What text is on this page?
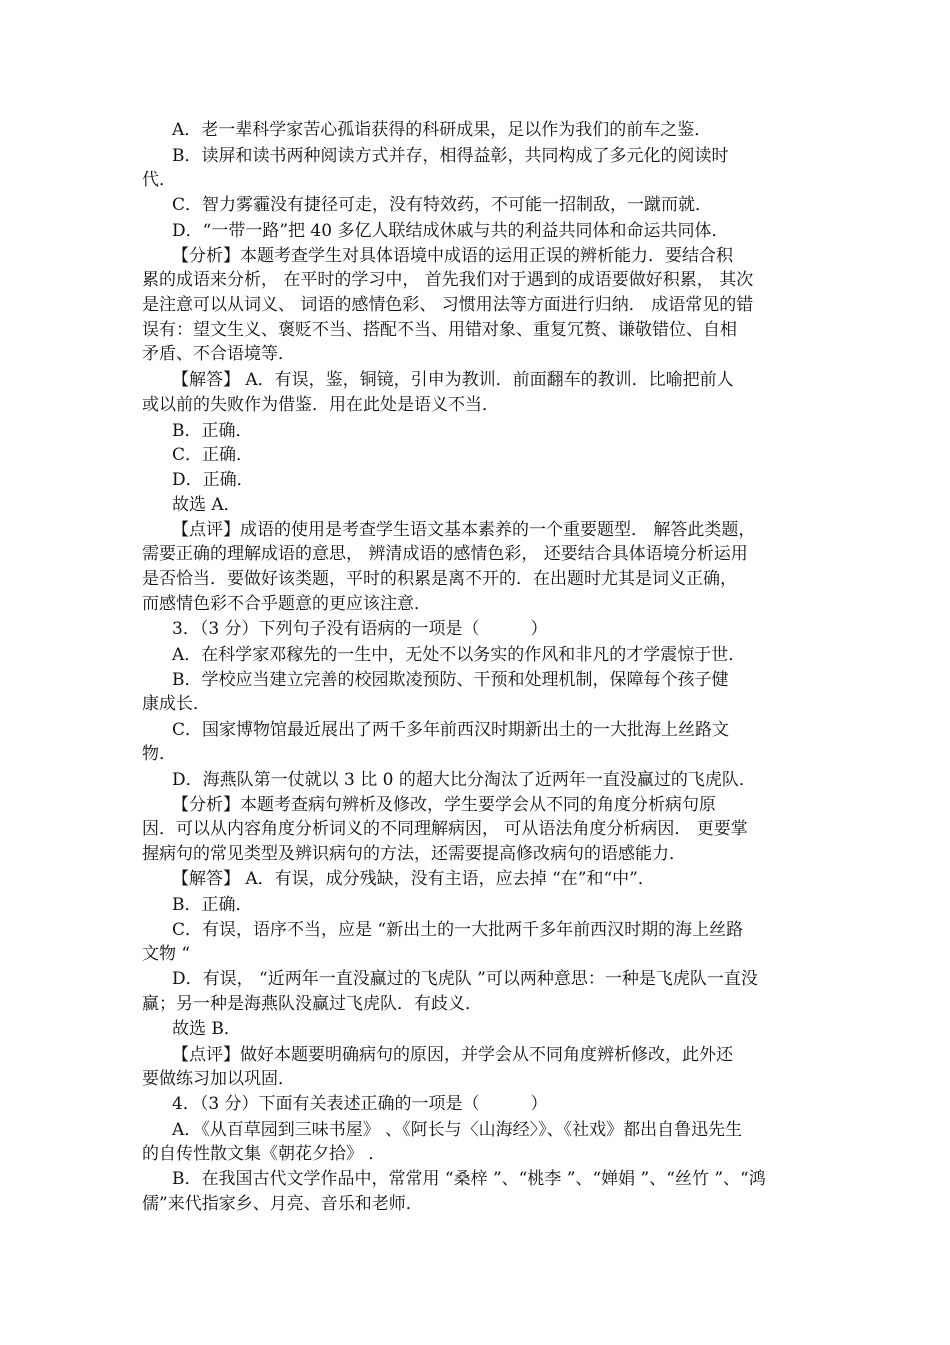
A．老一辈科学家苦心孤诣获得的科研成果，足以作为我们的前车之鉴．
B．读屏和读书两种阅读方式并存，相得益彰，共同构成了多元化的阅读时
代．
C．智力雾霾没有捷径可走，没有特效药，不可能一招制敌，一蹴而就．
D．“一带一路”把 40 多亿人联结成休戚与共的利益共同体和命运共同体．
【分析】本题考查学生对具体语境中成语的运用正误的辨析能力．要结合积
累的成语来分析， 在平时的学习中， 首先我们对于遇到的成语要做好积累， 其次
是注意可以从词义、 词语的感情色彩、 习惯用法等方面进行归纳． 成语常见的错
误有：望文生义、褒贬不当、搭配不当、用错对象、重复冗赘、谦敬错位、自相
矛盾、不合语境等．
【解答】 A．有误，鉴，铜镜，引申为教训．前面翻车的教训．比喻把前人
或以前的失败作为借鉴．用在此处是语义不当．
B．正确．
C．正确．
D．正确．
故选 A．
【点评】成语的使用是考查学生语文基本素养的一个重要题型． 解答此类题，
需要正确的理解成语的意思， 辨清成语的感情色彩， 还要结合具体语境分析运用
是否恰当．要做好该类题，平时的积累是离不开的．在出题时尤其是词义正确，
而感情色彩不合乎题意的更应该注意．
3．（3 分）下列句子没有语病的一项是（　　　）
A．在科学家邓稼先的一生中，无处不以务实的作风和非凡的才学震惊于世．
B．学校应当建立完善的校园欺凌预防、干预和处理机制，保障每个孩子健
康成长．
C．国家博物馆最近展出了两千多年前西汉时期新出土的一大批海上丝路文
物．
D．海燕队第一仗就以 3 比 0 的超大比分淘汰了近两年一直没赢过的飞虎队．
【分析】本题考查病句辨析及修改，学生要学会从不同的角度分析病句原
因．可以从内容角度分析词义的不同理解病因， 可从语法角度分析病因． 更要掌
握病句的常见类型及辨识病句的方法，还需要提高修改病句的语感能力．
【解答】 A．有误，成分残缺，没有主语，应去掉 “在”和“中”．
B．正确．
C．有误，语序不当，应是 “新出土的一大批两千多年前西汉时期的海上丝路
文物 “
D．有误， “近两年一直没赢过的飞虎队 ”可以两种意思：一种是飞虎队一直没
赢；另一种是海燕队没赢过飞虎队．有歧义．
故选 B．
【点评】做好本题要明确病句的原因，并学会从不同角度辨析修改，此外还
要做练习加以巩固．
4．（3 分）下面有关表述正确的一项是（　　　）
A．《从百草园到三味书屋》 、《阿长与〈山海经〉》、《社戏》都出自鲁迅先生
的自传性散文集《朝花夕拾》 ．
B．在我国古代文学作品中，常常用 “桑梓 ”、“桃李 ”、“婵娟 ”、“丝竹 ”、“鸿
儒”来代指家乡、月亮、音乐和老师．
